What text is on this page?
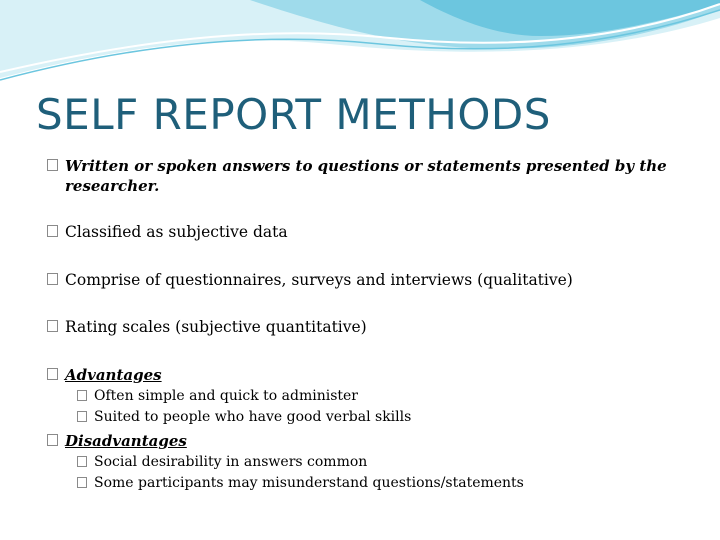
SELF REPORT METHODS
Written or spoken answers to questions or statements presented by the researcher.
Classified as subjective data
Comprise of questionnaires, surveys and interviews (qualitative)
Rating scales (subjective quantitative)
Advantages
Often simple and quick to administer
Suited to people who have good verbal skills
Disadvantages
Social desirability in answers common
Some participants may misunderstand questions/statements
